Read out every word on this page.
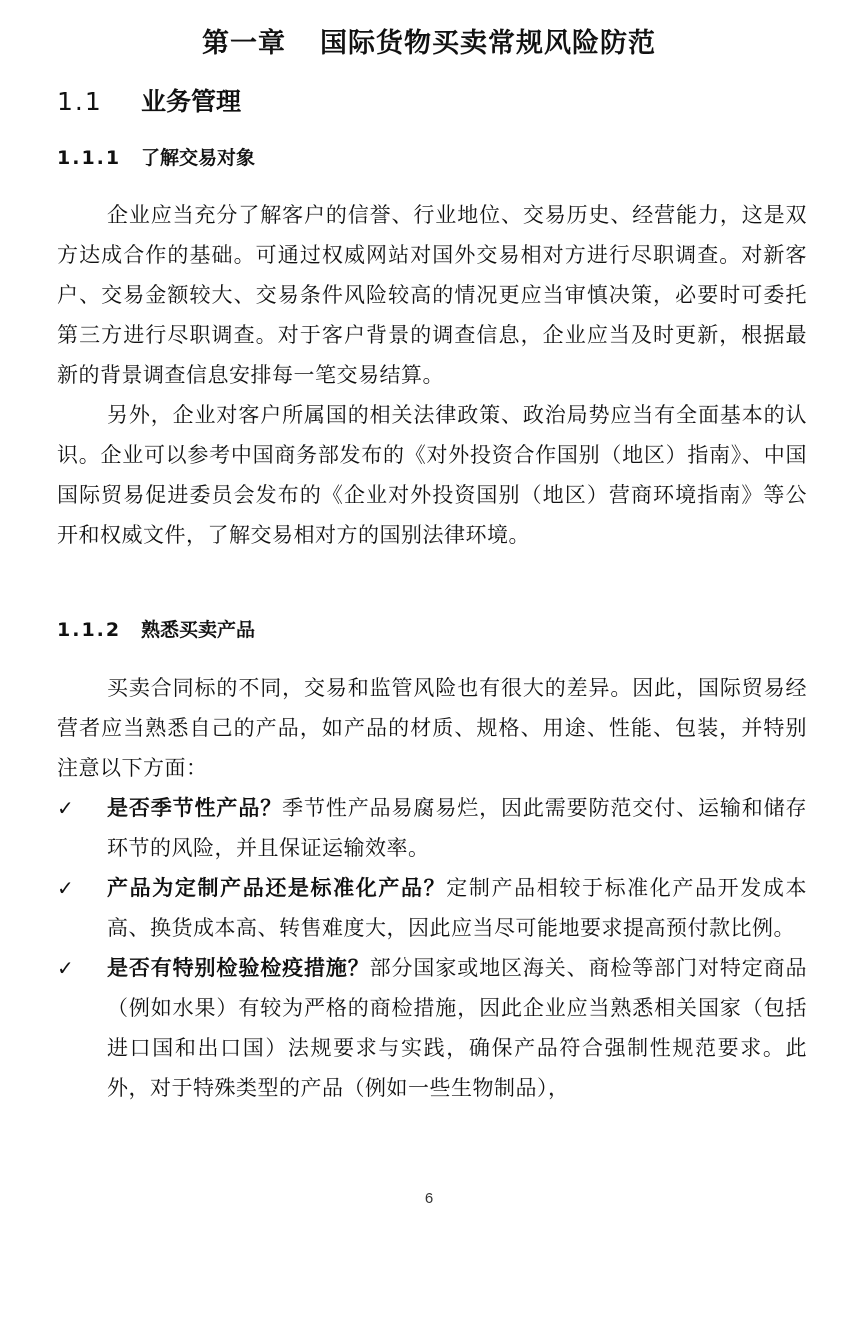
第一章 国际货物买卖常规风险防范
1.1 业务管理
1.1.1 了解交易对象

企业应当充分了解客户的信誉、行业地位、交易历史、经营能力，这是双方达成合作的基础。可通过权威网站对国外交易相对方进行尽职调查。对新客户、交易金额较大、交易条件风险较高的情况更应当审慎决策，必要时可委托第三方进行尽职调查。对于客户背景的调查信息，企业应当及时更新，根据最新的背景调查信息安排每一笔交易结算。

另外，企业对客户所属国的相关法律政策、政治局势应当有全面基本的认识。企业可以参考中国商务部发布的《对外投资合作国别（地区）指南》、中国国际贸易促进委员会发布的《企业对外投资国别（地区）营商环境指南》等公开和权威文件，了解交易相对方的国别法律环境。

1.1.2 熟悉买卖产品

买卖合同标的不同，交易和监管风险也有很大的差异。因此，国际贸易经营者应当熟悉自己的产品，如产品的材质、规格、用途、性能、包装，并特别注意以下方面：

✓	是否季节性产品？季节性产品易腐易烂，因此需要防范交付、运输和储存环节的风险，并且保证运输效率。
✓	产品为定制产品还是标准化产品？定制产品相较于标准化产品开发成本高、换货成本高、转售难度大，因此应当尽可能地要求提高预付款比例。
✓	是否有特别检验检疫措施？部分国家或地区海关、商检等部门对特定商品（例如水果）有较为严格的商检措施，因此企业应当熟悉相关国家（包括进口国和出口国）法规要求与实践，确保产品符合强制性规范要求。此外，对于特殊类型的产品（例如一些生物制品），
6
